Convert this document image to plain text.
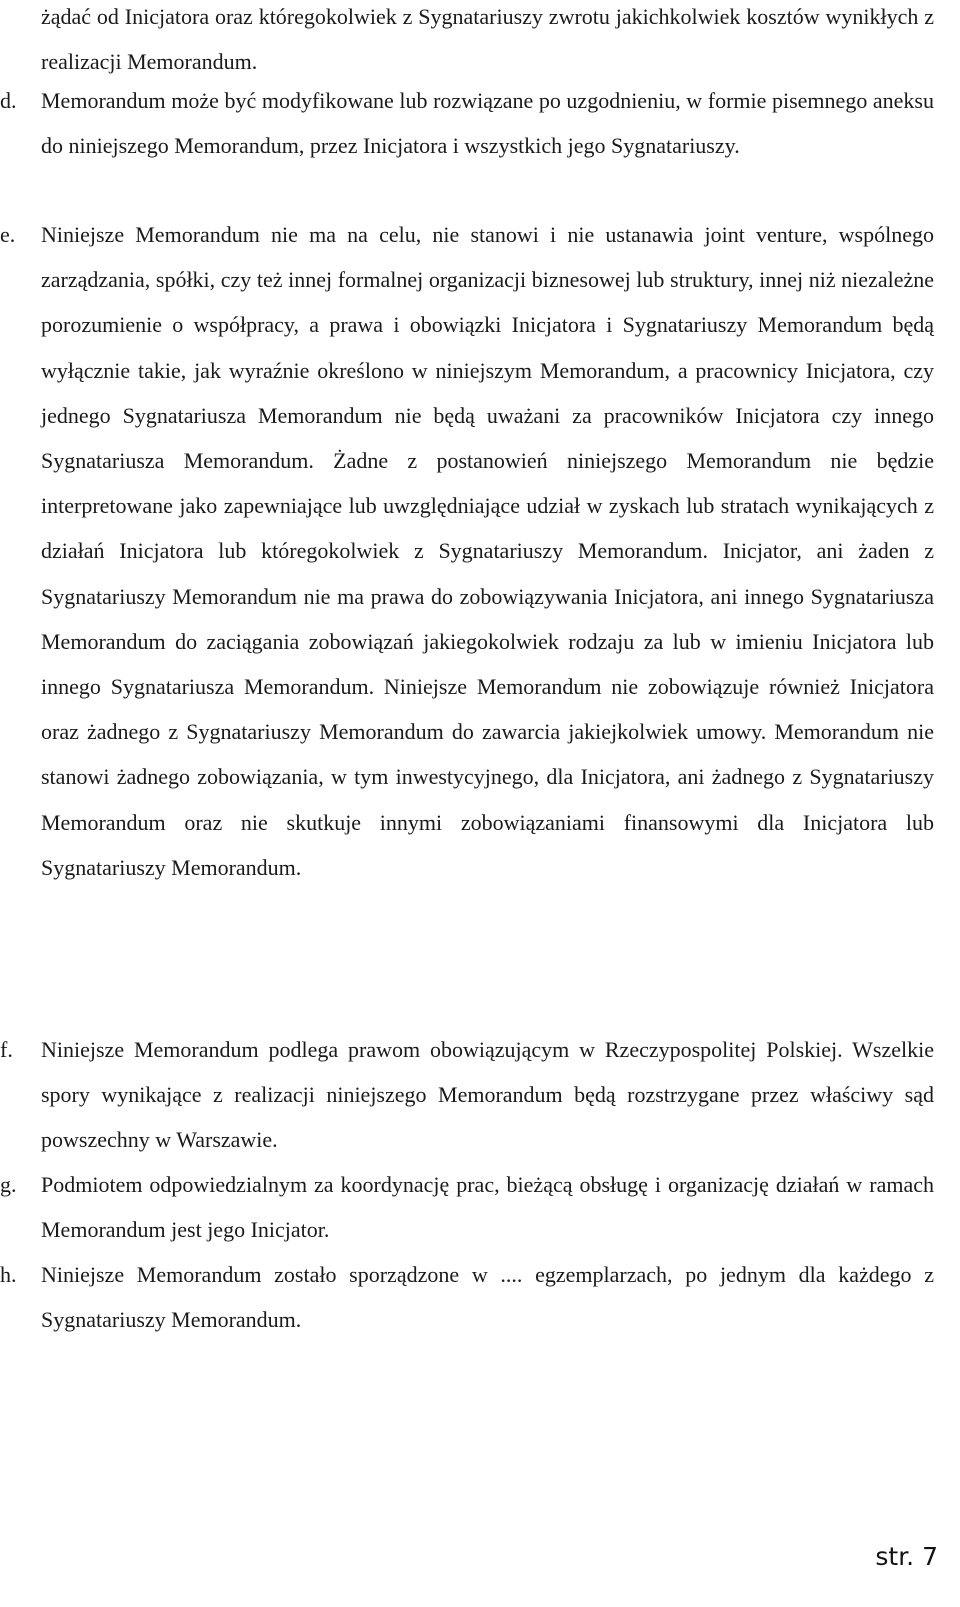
żądać od Inicjatora oraz któregokolwiek z Sygnatariuszy zwrotu jakichkolwiek kosztów wynikłych z realizacji Memorandum.

d.	Memorandum może być modyfikowane lub rozwiązane po uzgodnieniu, w formie pisemnego aneksu do niniejszego Memorandum, przez Inicjatora i wszystkich jego Sygnatariuszy.

e.	Niniejsze Memorandum nie ma na celu, nie stanowi i nie ustanawia joint venture, wspólnego zarządzania, spółki, czy też innej formalnej organizacji biznesowej lub struktury, innej niż niezależne porozumienie o współpracy, a prawa i obowiązki Inicjatora i Sygnatariuszy Memorandum będą wyłącznie takie, jak wyraźnie określono w niniejszym Memorandum, a pracownicy Inicjatora, czy jednego Sygnatariusza Memorandum nie będą uważani za pracowników Inicjatora czy innego Sygnatariusza Memorandum. Żadne z postanowień niniejszego Memorandum nie będzie interpretowane jako zapewniające lub uwzględniające udział w zyskach lub stratach wynikających z działań Inicjatora lub któregokolwiek z Sygnatariuszy Memorandum. Inicjator, ani żaden z Sygnatariuszy Memorandum nie ma prawa do zobowiązywania Inicjatora, ani innego Sygnatariusza Memorandum do zaciągania zobowiązań jakiegokolwiek rodzaju za lub w imieniu Inicjatora lub innego Sygnatariusza Memorandum. Niniejsze Memorandum nie zobowiązuje również Inicjatora oraz żadnego z Sygnatariuszy Memorandum do zawarcia jakiejkolwiek umowy. Memorandum nie stanowi żadnego zobowiązania, w tym inwestycyjnego, dla Inicjatora, ani żadnego z Sygnatariuszy Memorandum oraz nie skutkuje innymi zobowiązaniami finansowymi dla Inicjatora lub Sygnatariuszy Memorandum.

f.	Niniejsze Memorandum podlega prawom obowiązującym w Rzeczypospolitej Polskiej. Wszelkie spory wynikające z realizacji niniejszego Memorandum będą rozstrzygane przez właściwy sąd powszechny w Warszawie.

g.	Podmiotem odpowiedzialnym za koordynację prac, bieżącą obsługę i organizację działań w ramach Memorandum jest jego Inicjator.

h.	Niniejsze Memorandum zostało sporządzone w .... egzemplarzach, po jednym dla każdego z Sygnatariuszy Memorandum.

str. 7
